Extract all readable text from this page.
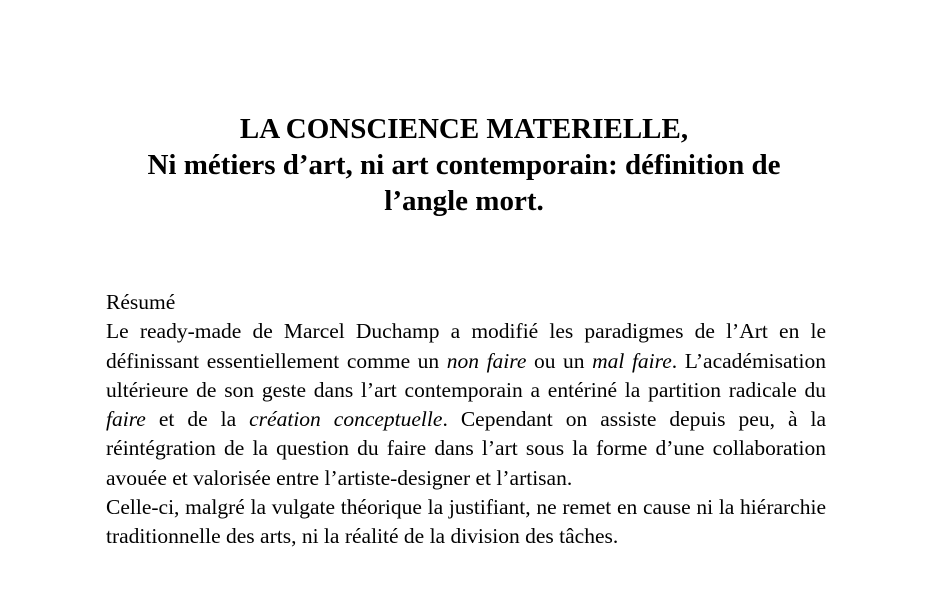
LA CONSCIENCE MATERIELLE,
Ni métiers d’art, ni art contemporain: définition de
l’angle mort.
Résumé

Le ready-made de Marcel Duchamp a modifié les paradigmes de l’Art en le définissant essentiellement comme un non faire ou un mal faire. L’académisation ultérieure de son geste dans l’art contemporain a entériné la partition radicale du faire et de la création conceptuelle. Cependant on assiste depuis peu, à la réintégration de la question du faire dans l’art sous la forme d’une collaboration avouée et valorisée entre l’artiste-designer et l’artisan.

Celle-ci, malgré la vulgate théorique la justifiant, ne remet en cause ni la hiérarchie traditionnelle des arts, ni la réalité de la division des tâches.
